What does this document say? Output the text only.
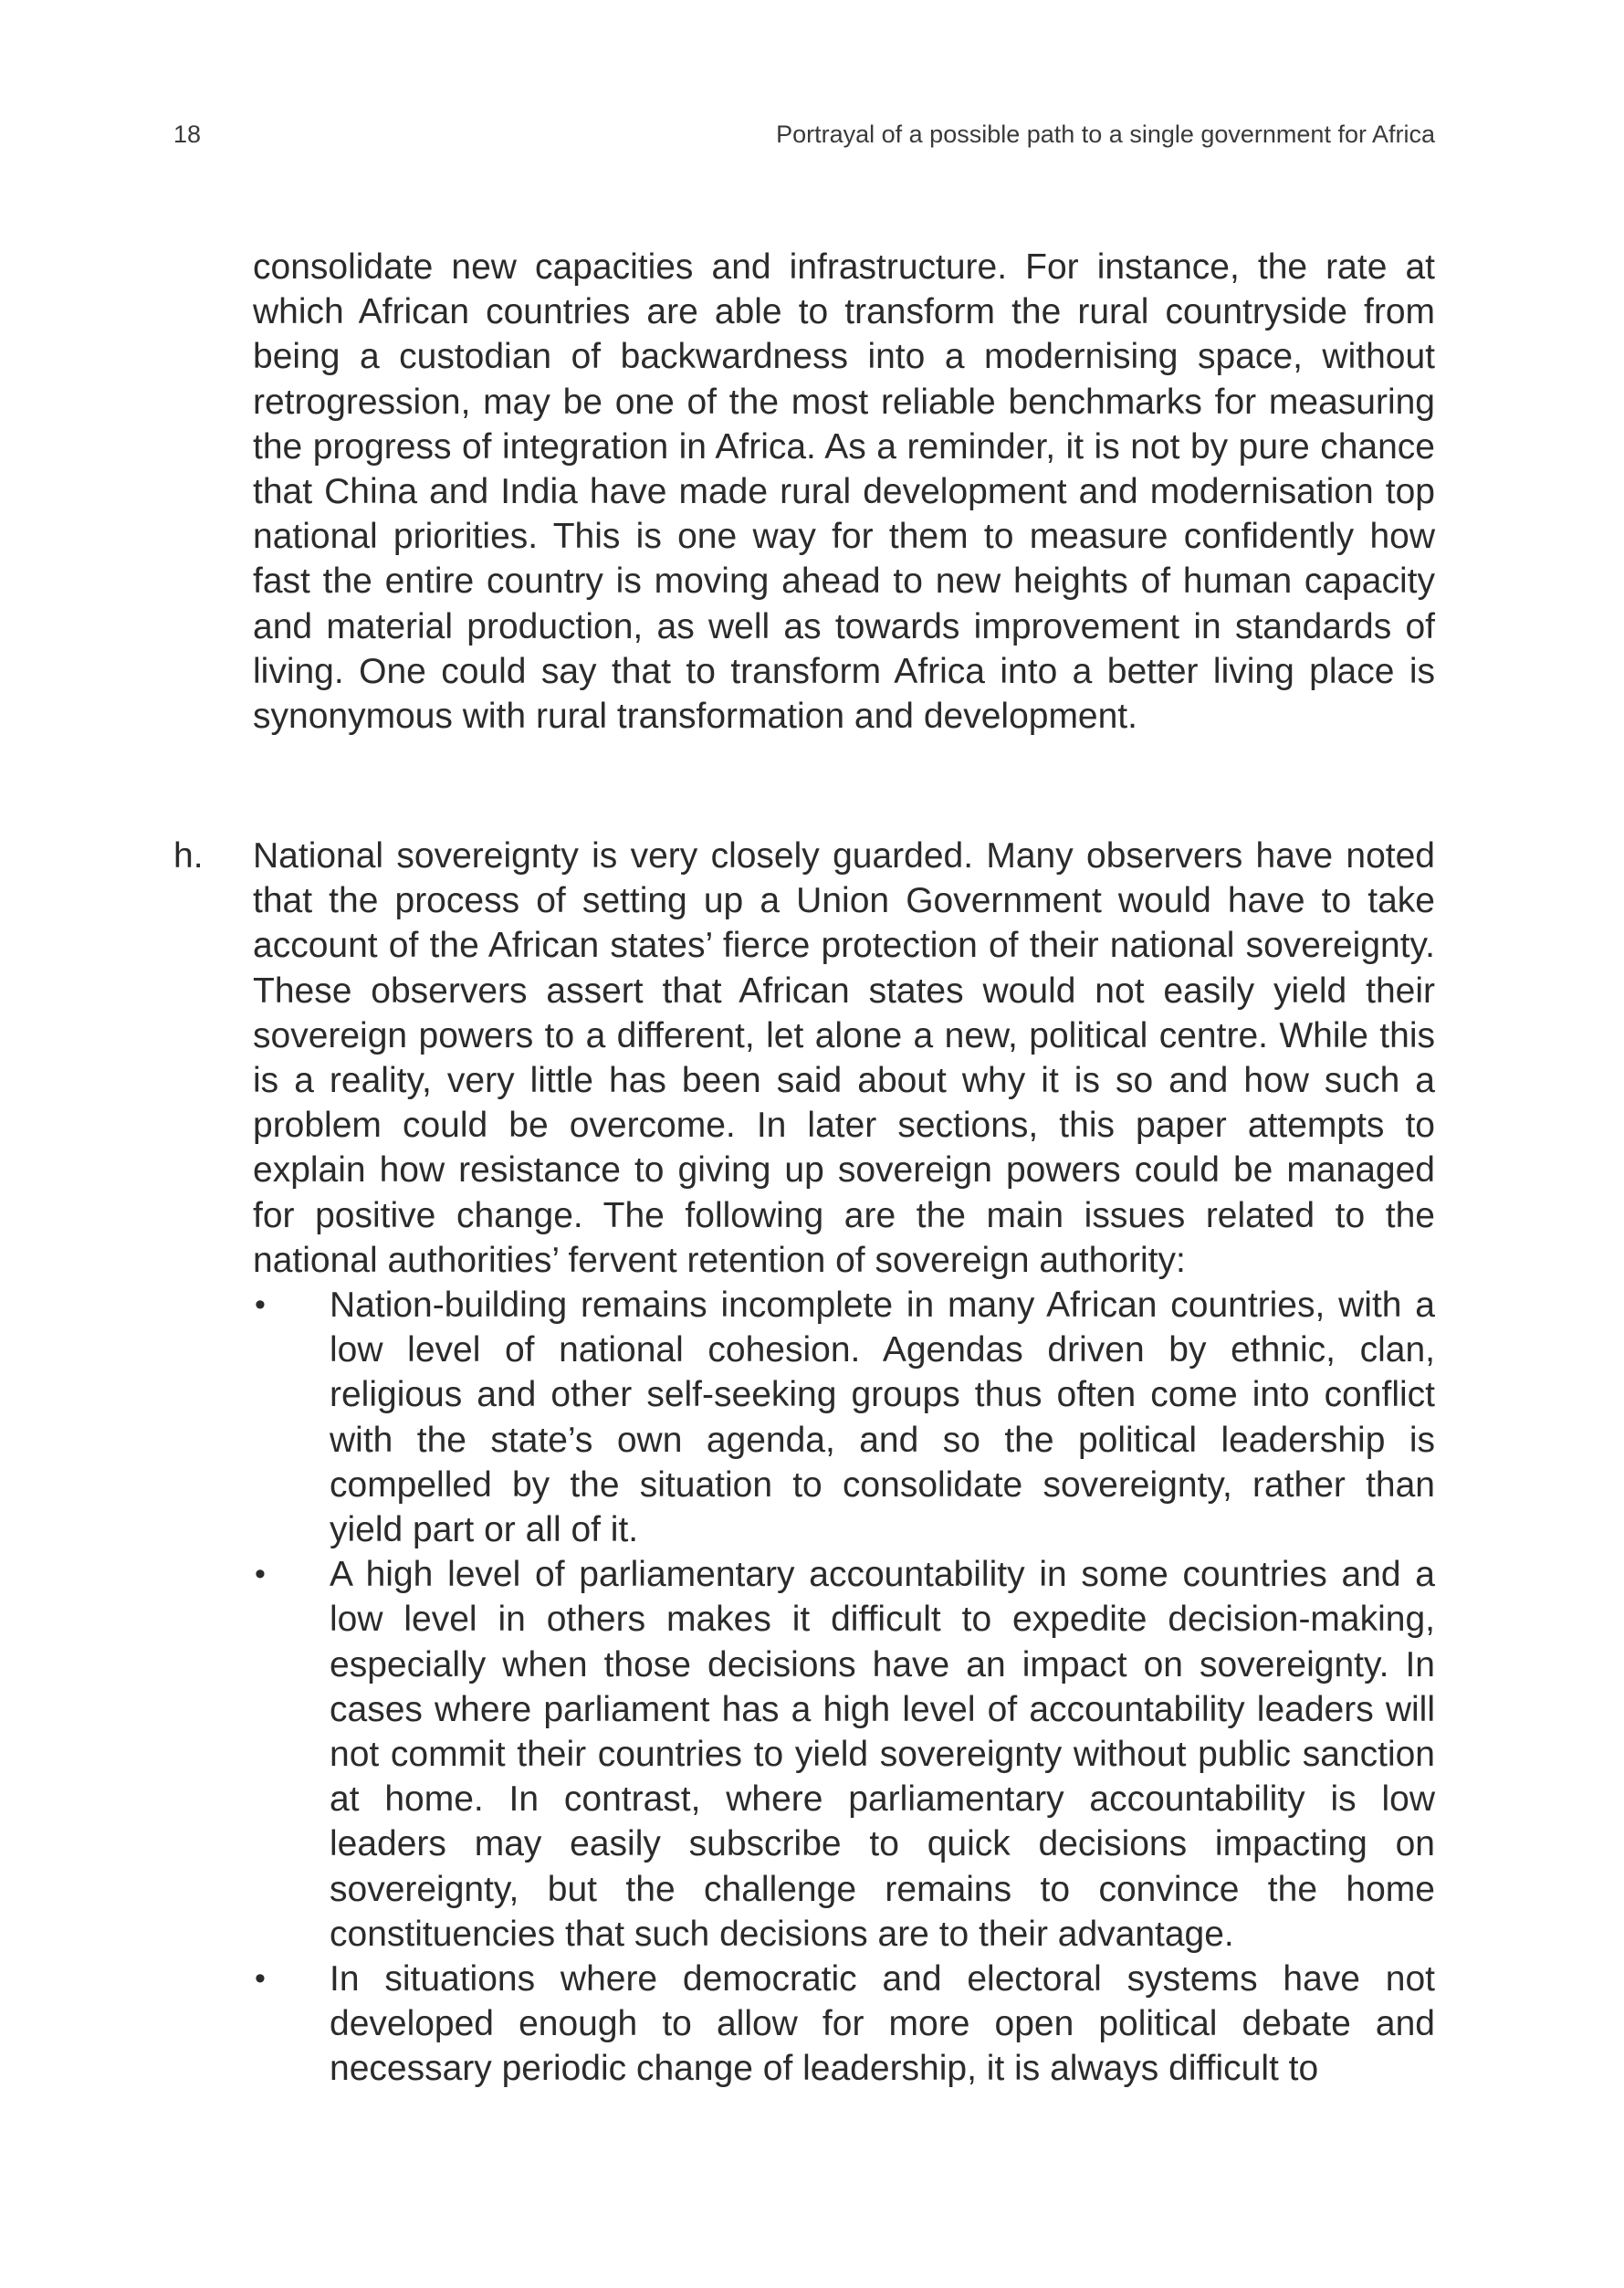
18	Portrayal of a possible path to a single government for Africa

consolidate new capacities and infrastructure. For instance, the rate at which African countries are able to transform the rural countryside from being a custodian of backwardness into a modernising space, without retrogression, may be one of the most reliable benchmarks for measuring the progress of integration in Africa. As a reminder, it is not by pure chance that China and India have made rural development and modernisation top national priorities. This is one way for them to measure confidently how fast the entire country is moving ahead to new heights of human capacity and material production, as well as towards improvement in standards of living. One could say that to transform Africa into a better living place is synonymous with rural transformation and development.

h. National sovereignty is very closely guarded. Many observers have noted that the process of setting up a Union Government would have to take account of the African states’ fierce protection of their national sovereignty. These observers assert that African states would not easily yield their sovereign powers to a different, let alone a new, political centre. While this is a reality, very little has been said about why it is so and how such a problem could be overcome. In later sections, this paper attempts to explain how resistance to giving up sovereign powers could be managed for positive change. The following are the main issues related to the national authorities’ fervent retention of sovereign authority:

• Nation-building remains incomplete in many African countries, with a low level of national cohesion. Agendas driven by ethnic, clan, religious and other self-seeking groups thus often come into conflict with the state’s own agenda, and so the political leadership is compelled by the situation to consolidate sovereignty, rather than yield part or all of it.
• A high level of parliamentary accountability in some countries and a low level in others makes it difficult to expedite decision-making, especially when those decisions have an impact on sovereignty. In cases where parliament has a high level of accountability leaders will not commit their countries to yield sovereignty without public sanction at home. In contrast, where parliamentary accountability is low leaders may easily subscribe to quick decisions impacting on sovereignty, but the challenge remains to convince the home constituencies that such decisions are to their advantage.
• In situations where democratic and electoral systems have not developed enough to allow for more open political debate and necessary periodic change of leadership, it is always difficult to
